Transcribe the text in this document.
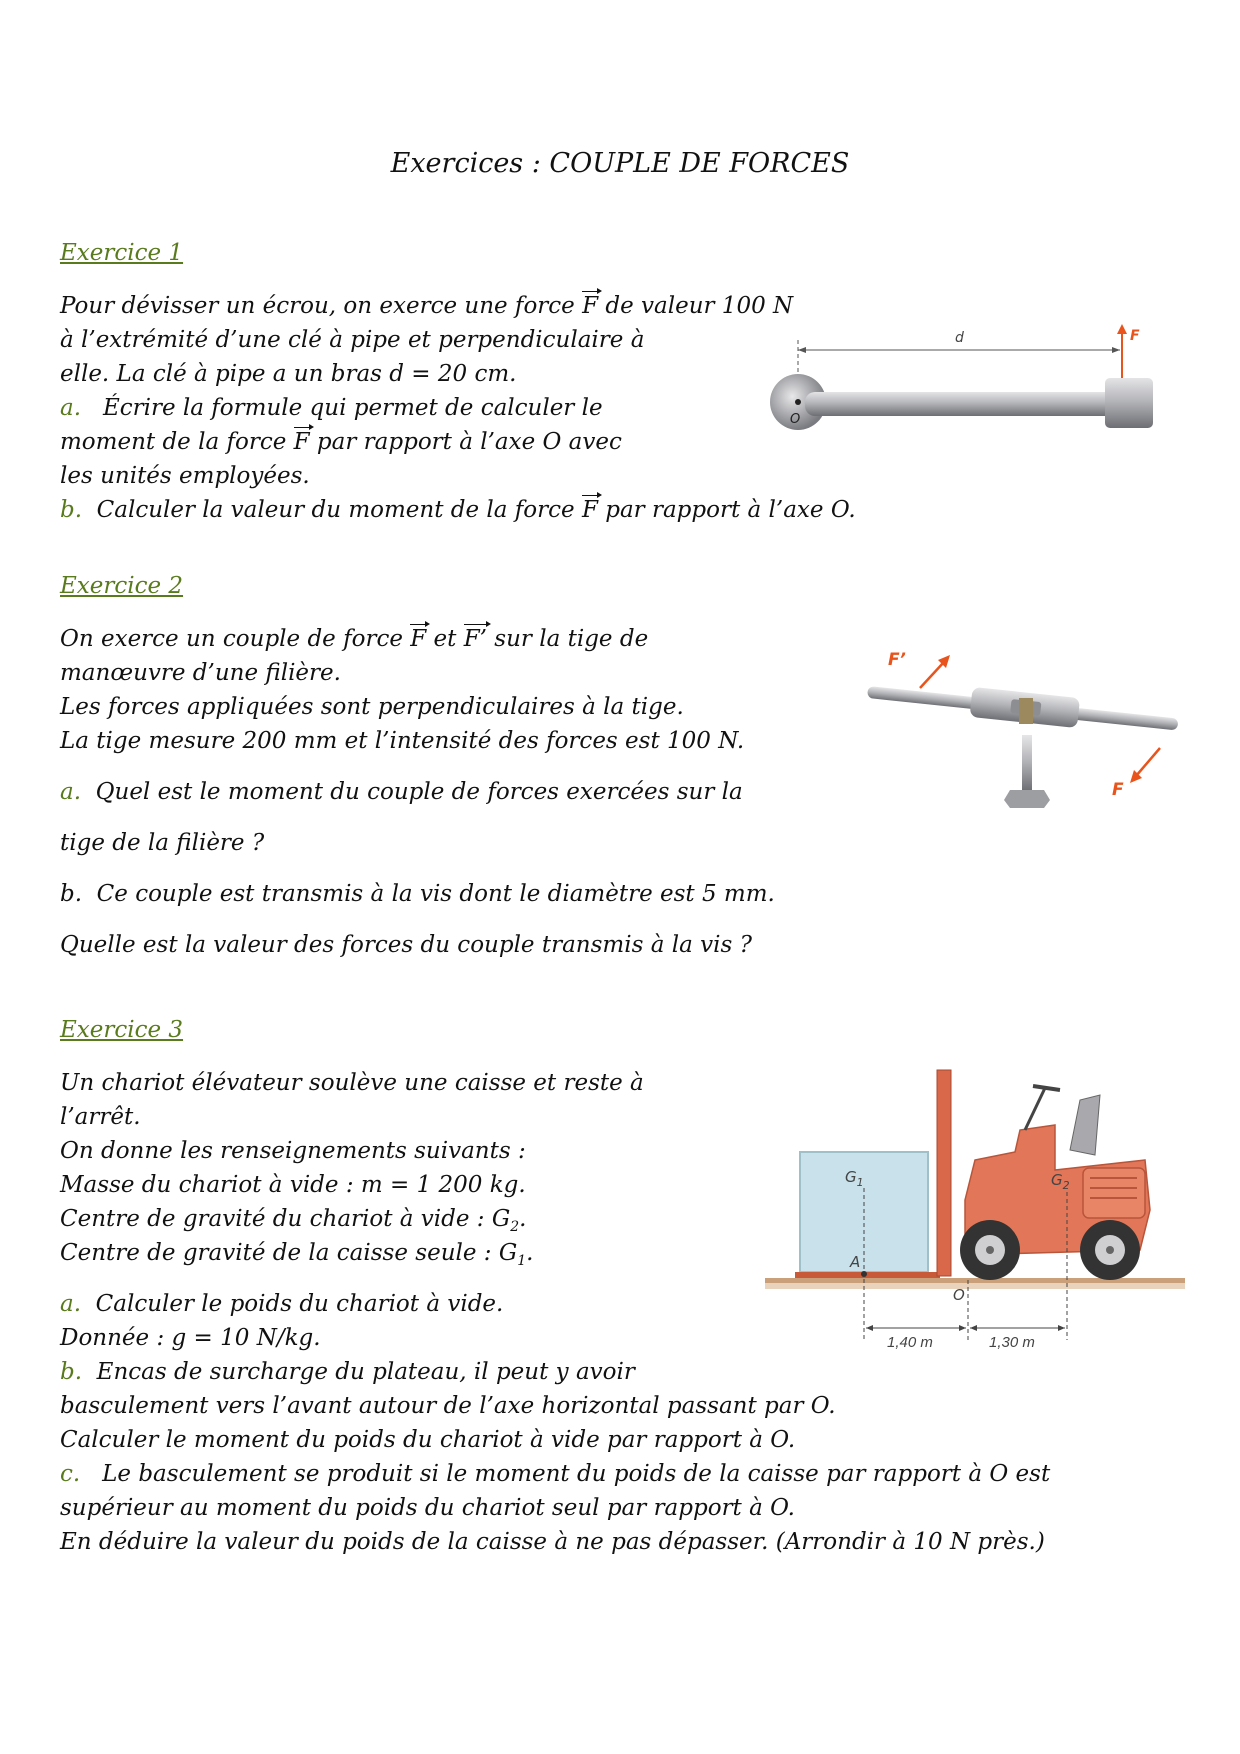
Exercices : COUPLE DE FORCES
Exercice 1
Pour dévisser un écrou, on exerce une force F de valeur 100 N
à l’extrémité d’une clé à pipe et perpendiculaire à
elle. La clé à pipe a un bras d = 20 cm.
a. Écrire la formule qui permet de calculer le
moment de la force F par rapport à l’axe O avec
les unités employées.
b. Calculer la valeur du moment de la force F par rapport à l’axe O.
d
O
F
Exercice 2
On exerce un couple de force F et F’ sur la tige de
manœuvre d’une filière.
Les forces appliquées sont perpendiculaires à la tige.
La tige mesure 200 mm et l’intensité des forces est 100 N.
a. Quel est le moment du couple de forces exercées sur la
tige de la filière ?
b. Ce couple est transmis à la vis dont le diamètre est 5 mm.
Quelle est la valeur des forces du couple transmis à la vis ?
F’
F
Exercice 3
Un chariot élévateur soulève une caisse et reste à
l’arrêt.
On donne les renseignements suivants :
Masse du chariot à vide : m = 1 200 kg.
Centre de gravité du chariot à vide : $G_2$.
Centre de gravité de la caisse seule : $G_1$.
a. Calculer le poids du chariot à vide.
Donnée : g = 10 N/kg.
b. Encas de surcharge du plateau, il peut y avoir
basculement vers l’avant autour de l’axe horizontal passant par O.
Calculer le moment du poids du chariot à vide par rapport à O.
c. Le basculement se produit si le moment du poids de la caisse par rapport à O est
supérieur au moment du poids du chariot seul par rapport à O.
En déduire la valeur du poids de la caisse à ne pas dépasser. (Arrondir à 10 N près.)
$G_1$	$G_2$
A
O
1,40 m	1,30 m
